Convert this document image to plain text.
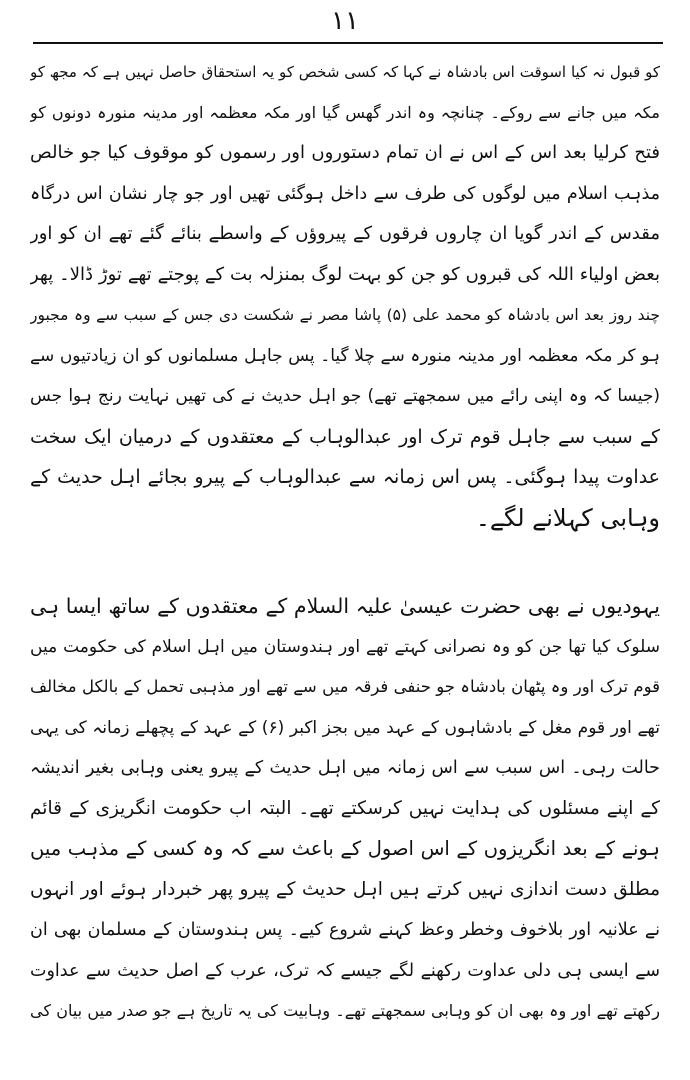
۱۱
کو قبول نہ کیا اسوقت اس بادشاہ نے کہا کہ کسی شخص کو یہ استحقاق حاصل نہیں ہے کہ مجھ کو
مکہ میں جانے سے روکے۔ چنانچہ وہ اندر گھس گیا اور مکہ معظمہ اور مدینہ منورہ دونوں کو
فتح کرلیا بعد اس کے اس نے ان تمام دستوروں اور رسموں کو موقوف کیا جو خالص
مذہب اسلام میں لوگوں کی طرف سے داخل ہوگئی تھیں اور جو چار نشان اس درگاہ
مقدس کے اندر گویا ان چاروں فرقوں کے پیروؤں کے واسطے بنائے گئے تھے ان کو اور
بعض اولیاء اللہ کی قبروں کو جن کو بہت لوگ بمنزلہ بت کے پوجتے تھے توڑ ڈالا۔ پھر
چند روز بعد اس بادشاہ کو محمد علی (۵) پاشا مصر نے شکست دی جس کے سبب سے وہ مجبور
ہو کر مکہ معظمہ اور مدینہ منورہ سے چلا گیا۔ پس جاہل مسلمانوں کو ان زیادتیوں سے
(جیسا کہ وہ اپنی رائے میں سمجھتے تھے) جو اہل حدیث نے کی تھیں نہایت رنج ہوا جس
کے سبب سے جاہل قوم ترک اور عبدالوہاب کے معتقدوں کے درمیان ایک سخت
عداوت پیدا ہوگئی۔ پس اس زمانہ سے عبدالوہاب کے پیرو بجائے اہل حدیث کے
وہابی کہلانے لگے۔
یہودیوں نے بھی حضرت عیسیٰ علیہ السلام کے معتقدوں کے ساتھ ایسا ہی
سلوک کیا تھا جن کو وہ نصرانی کہتے تھے اور ہندوستان میں اہل اسلام کی حکومت میں
قوم ترک اور وہ پٹھان بادشاہ جو حنفی فرقہ میں سے تھے اور مذہبی تحمل کے بالکل مخالف
تھے اور قوم مغل کے بادشاہوں کے عہد میں بجز اکبر (۶) کے عہد کے پچھلے زمانہ کی یہی
حالت رہی۔ اس سبب سے اس زمانہ میں اہل حدیث کے پیرو یعنی وہابی بغیر اندیشہ
کے اپنے مسئلوں کی ہدایت نہیں کرسکتے تھے۔ البتہ اب حکومت انگریزی کے قائم
ہونے کے بعد انگریزوں کے اس اصول کے باعث سے کہ وہ کسی کے مذہب میں
مطلق دست اندازی نہیں کرتے ہیں اہل حدیث کے پیرو پھر خبردار ہوئے اور انہوں
نے علانیہ اور بلاخوف وخطر وعظ کہنے شروع کیے۔ پس ہندوستان کے مسلمان بھی ان
سے ایسی ہی دلی عداوت رکھنے لگے جیسے کہ ترک، عرب کے اصل حدیث سے عداوت
رکھتے تھے اور وہ بھی ان کو وہابی سمجھتے تھے۔ وہابیت کی یہ تاریخ ہے جو صدر میں بیان کی
